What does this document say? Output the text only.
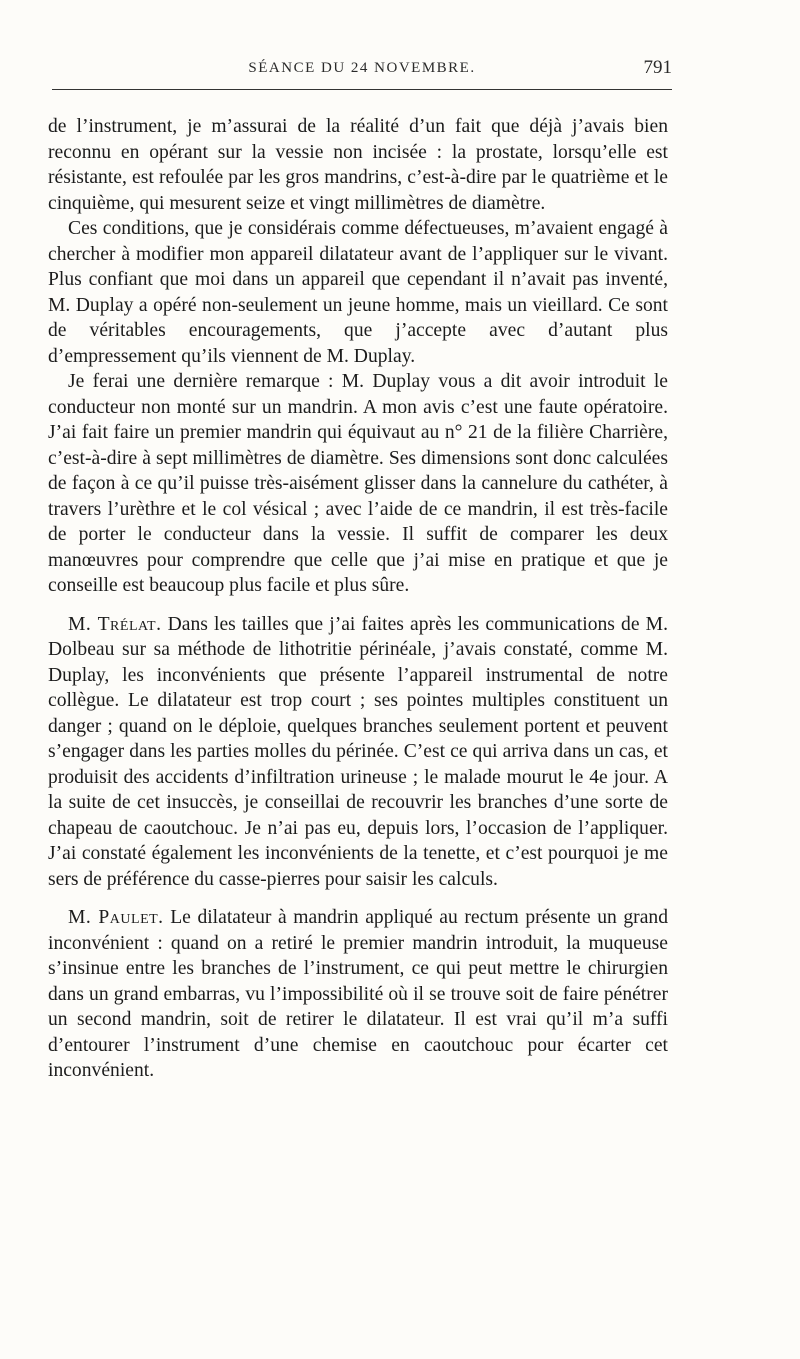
SÉANCE DU 24 NOVEMBRE.	791

de l’instrument, je m’assurai de la réalité d’un fait que déjà j’avais bien reconnu en opérant sur la vessie non incisée : la prostate, lorsqu’elle est résistante, est refoulée par les gros mandrins, c’est-à-dire par le quatrième et le cinquième, qui mesurent seize et vingt millimètres de diamètre.

Ces conditions, que je considérais comme défectueuses, m’avaient engagé à chercher à modifier mon appareil dilatateur avant de l’appliquer sur le vivant. Plus confiant que moi dans un appareil que cependant il n’avait pas inventé, M. Duplay a opéré non-seulement un jeune homme, mais un vieillard. Ce sont de véritables encouragements, que j’accepte avec d’autant plus d’empressement qu’ils viennent de M. Duplay.

Je ferai une dernière remarque : M. Duplay vous a dit avoir introduit le conducteur non monté sur un mandrin. A mon avis c’est une faute opératoire. J’ai fait faire un premier mandrin qui équivaut au n° 21 de la filière Charrière, c’est-à-dire à sept millimètres de diamètre. Ses dimensions sont donc calculées de façon à ce qu’il puisse très-aisément glisser dans la cannelure du cathéter, à travers l’urèthre et le col vésical ; avec l’aide de ce mandrin, il est très-facile de porter le conducteur dans la vessie. Il suffit de comparer les deux manœuvres pour comprendre que celle que j’ai mise en pratique et que je conseille est beaucoup plus facile et plus sûre.

M. Trélat. Dans les tailles que j’ai faites après les communications de M. Dolbeau sur sa méthode de lithotritie périnéale, j’avais constaté, comme M. Duplay, les inconvénients que présente l’appareil instrumental de notre collègue. Le dilatateur est trop court ; ses pointes multiples constituent un danger ; quand on le déploie, quelques branches seulement portent et peuvent s’engager dans les parties molles du périnée. C’est ce qui arriva dans un cas, et produisit des accidents d’infiltration urineuse ; le malade mourut le 4e jour. A la suite de cet insuccès, je conseillai de recouvrir les branches d’une sorte de chapeau de caoutchouc. Je n’ai pas eu, depuis lors, l’occasion de l’appliquer. J’ai constaté également les inconvénients de la tenette, et c’est pourquoi je me sers de préférence du casse-pierres pour saisir les calculs.

M. Paulet. Le dilatateur à mandrin appliqué au rectum présente un grand inconvénient : quand on a retiré le premier mandrin introduit, la muqueuse s’insinue entre les branches de l’instrument, ce qui peut mettre le chirurgien dans un grand embarras, vu l’impossibilité où il se trouve soit de faire pénétrer un second mandrin, soit de retirer le dilatateur. Il est vrai qu’il m’a suffi d’entourer l’instrument d’une chemise en caoutchouc pour écarter cet inconvénient.
